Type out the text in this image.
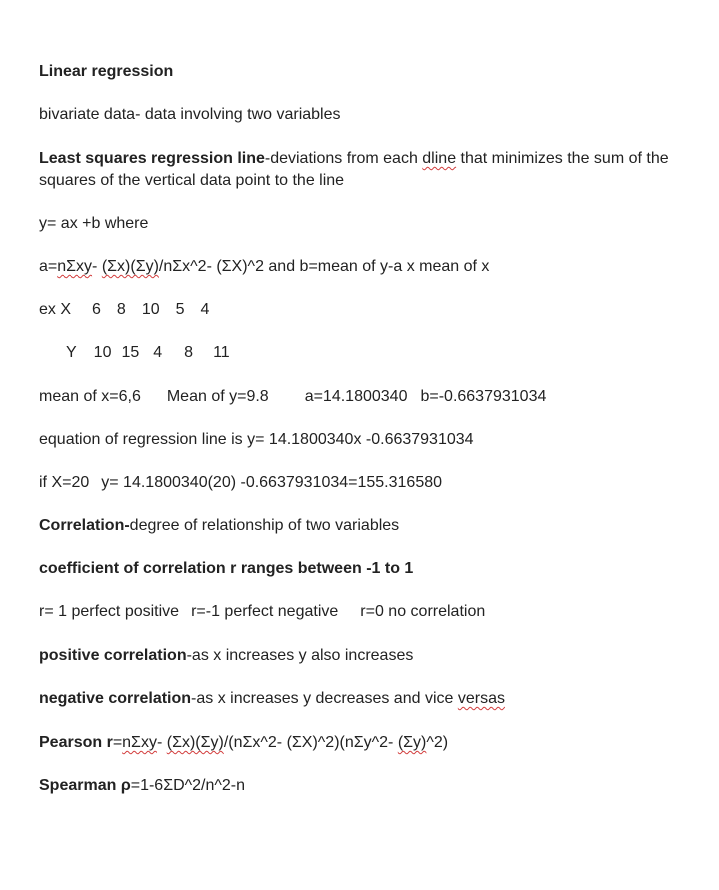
Linear regression
bivariate data- data involving two variables
Least squares regression line-deviations from each dline that minimizes the sum of the squares of the vertical data point to the line
y= ax +b where
a=nΣxy- (Σx)(Σy)/nΣx^2- (ΣX)^2 and b=mean of y-a x mean of x
ex X 6 8 10 5 4
Y 10 15 4 8 11
mean of x=6,6 Mean of y=9.8 a=14.1800340 b=-0.6637931034
equation of regression line is y= 14.1800340x -0.6637931034
if X=20 y= 14.1800340(20) -0.6637931034=155.316580
Correlation-degree of relationship of two variables
coefficient of correlation r ranges between -1 to 1
r= 1 perfect positive r=-1 perfect negative r=0 no correlation
positive correlation-as x increases y also increases
negative correlation-as x increases y decreases and vice versas
Pearson r=nΣxy- (Σx)(Σy)/(nΣx^2- (ΣX)^2)(nΣy^2- (Σy)^2)
Spearman ρ=1-6ΣD^2/n^2-n
